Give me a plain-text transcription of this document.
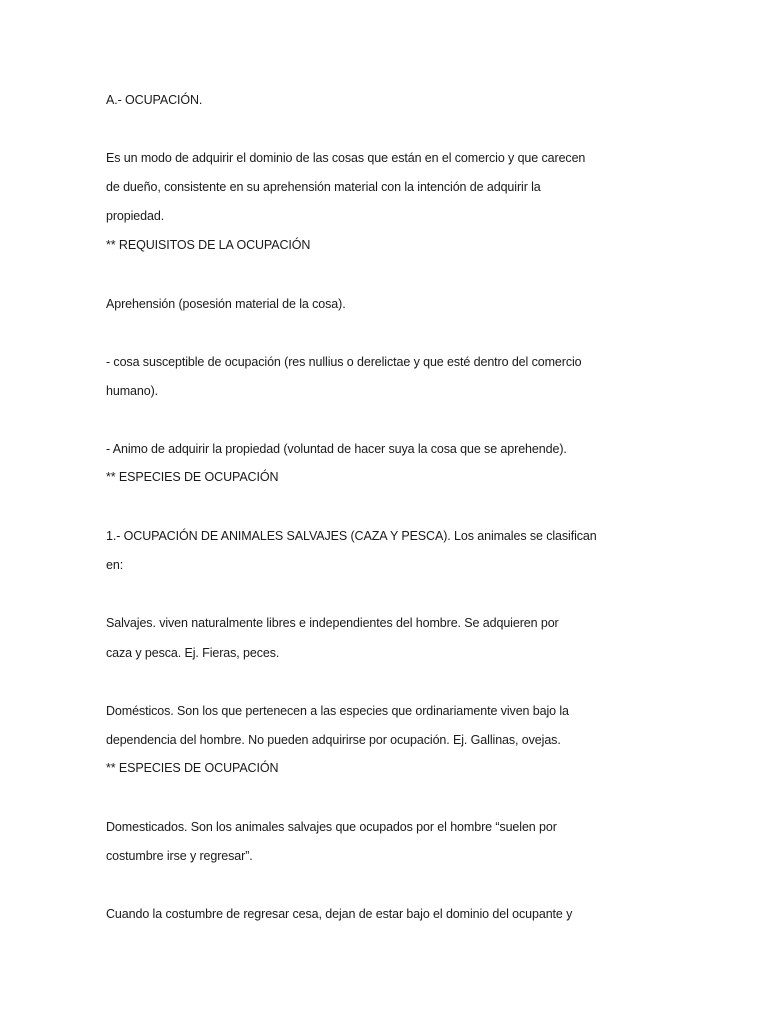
A.- OCUPACIÓN.
Es un modo de adquirir el dominio de las cosas que están en el comercio y que carecen
de dueño, consistente en su aprehensión material con la intención de adquirir la
propiedad.
** REQUISITOS DE LA OCUPACIÓN
Aprehensión (posesión material de la cosa).
- cosa susceptible de ocupación (res nullius o derelictae y que esté dentro del comercio
humano).
- Animo de adquirir la propiedad (voluntad de hacer suya la cosa que se aprehende).
** ESPECIES DE OCUPACIÓN
1.- OCUPACIÓN DE ANIMALES SALVAJES (CAZA Y PESCA). Los animales se clasifican
en:
Salvajes. viven naturalmente libres e independientes del hombre. Se adquieren por
caza y pesca. Ej. Fieras, peces.
Domésticos. Son los que pertenecen a las especies que ordinariamente viven bajo la
dependencia del hombre. No pueden adquirirse por ocupación. Ej. Gallinas, ovejas.
** ESPECIES DE OCUPACIÓN
Domesticados. Son los animales salvajes que ocupados por el hombre “suelen por
costumbre irse y regresar”.
Cuando la costumbre de regresar cesa, dejan de estar bajo el dominio del ocupante y
